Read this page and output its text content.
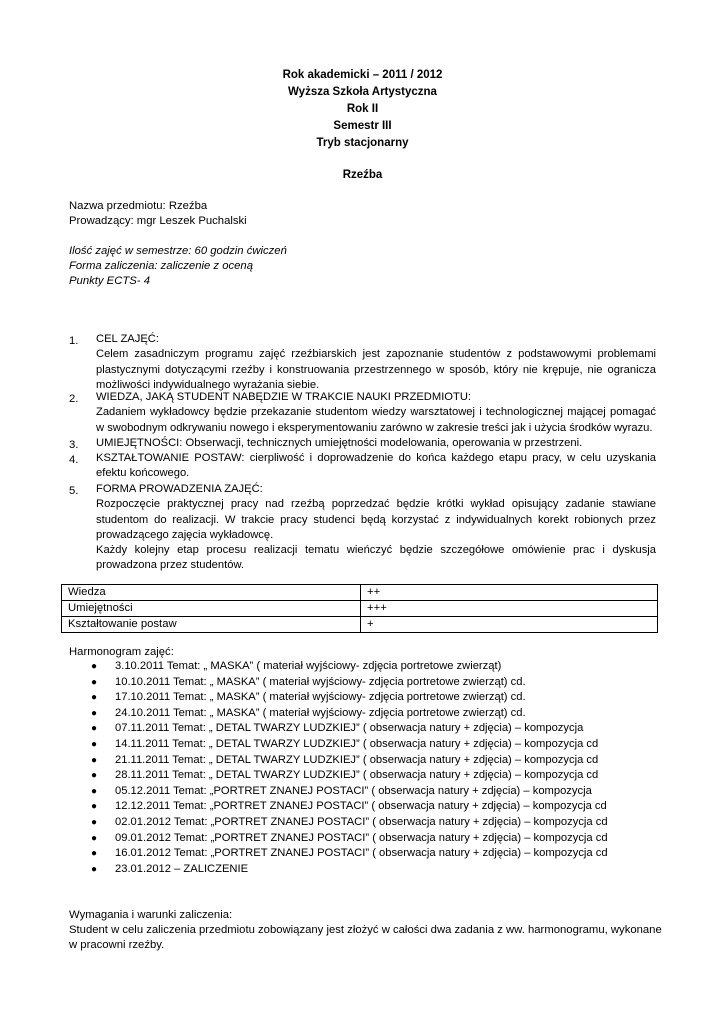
Rok akademicki – 2011 / 2012
Wyższa Szkoła Artystyczna
Rok II
Semestr III
Tryb stacjonarny
Rzeźba
Nazwa przedmiotu: Rzeźba
Prowadzący: mgr Leszek Puchalski
Ilość zajęć w semestrze: 60 godzin ćwiczeń
Forma zaliczenia: zaliczenie z oceną
Punkty ECTS- 4
1. CEL ZAJĘĆ:
Celem zasadniczym programu zajęć rzeźbiarskich jest zapoznanie studentów z podstawowymi problemami plastycznymi dotyczącymi rzeźby i konstruowania przestrzennego w sposób, który nie krępuje, nie ogranicza możliwości indywidualnego wyrażania siebie.
2. WIEDZA, JAKĄ STUDENT NABĘDZIE W TRAKCIE NAUKI PRZEDMIOTU:
Zadaniem wykładowcy będzie przekazanie studentom wiedzy warsztatowej i technologicznej mającej pomagać w swobodnym odkrywaniu nowego i eksperymentowaniu zarówno w zakresie treści jak i użycia środków wyrazu.
3. UMIEJĘTNOŚCI: Obserwacji, technicznych umiejętności modelowania, operowania w przestrzeni.
4. KSZTAŁTOWANIE POSTAW: cierpliwość i doprowadzenie do końca każdego etapu pracy, w celu uzyskania efektu końcowego.
5. FORMA PROWADZENIA ZAJĘĆ:
Rozpoczęcie praktycznej pracy nad rzeźbą poprzedzać będzie krótki wykład opisujący zadanie stawiane studentom do realizacji. W trakcie pracy studenci będą korzystać z indywidualnych korekt robionych przez prowadzącego zajęcia wykładowcę.
Każdy kolejny etap procesu realizacji tematu wieńczyć będzie szczegółowe omówienie prac i dyskusja prowadzona przez studentów.
Wiedza	++
Umiejętności	+++
Kształtowanie postaw	+
Harmonogram zajęć:
● 3.10.2011 Temat: „ MASKA” ( materiał wyjściowy- zdjęcia portretowe zwierząt)
● 10.10.2011 Temat: „ MASKA” ( materiał wyjściowy- zdjęcia portretowe zwierząt) cd.
● 17.10.2011 Temat: „ MASKA” ( materiał wyjściowy- zdjęcia portretowe zwierząt) cd.
● 24.10.2011 Temat: „ MASKA” ( materiał wyjściowy- zdjęcia portretowe zwierząt) cd.
● 07.11.2011 Temat: „ DETAL TWARZY LUDZKIEJ” ( obserwacja natury + zdjęcia) – kompozycja
● 14.11.2011 Temat: „ DETAL TWARZY LUDZKIEJ” ( obserwacja natury + zdjęcia) – kompozycja cd
● 21.11.2011 Temat: „ DETAL TWARZY LUDZKIEJ” ( obserwacja natury + zdjęcia) – kompozycja cd
● 28.11.2011 Temat: „ DETAL TWARZY LUDZKIEJ” ( obserwacja natury + zdjęcia) – kompozycja cd
● 05.12.2011 Temat: „PORTRET ZNANEJ POSTACI” ( obserwacja natury + zdjęcia) – kompozycja
● 12.12.2011 Temat: „PORTRET ZNANEJ POSTACI” ( obserwacja natury + zdjęcia) – kompozycja cd
● 02.01.2012 Temat: „PORTRET ZNANEJ POSTACI” ( obserwacja natury + zdjęcia) – kompozycja cd
● 09.01.2012 Temat: „PORTRET ZNANEJ POSTACI” ( obserwacja natury + zdjęcia) – kompozycja cd
● 16.01.2012 Temat: „PORTRET ZNANEJ POSTACI” ( obserwacja natury + zdjęcia) – kompozycja cd
● 23.01.2012 – ZALICZENIE
Wymagania i warunki zaliczenia:
Student w celu zaliczenia przedmiotu zobowiązany jest złożyć w całości dwa zadania z ww. harmonogramu, wykonane
w pracowni rzeźby.
